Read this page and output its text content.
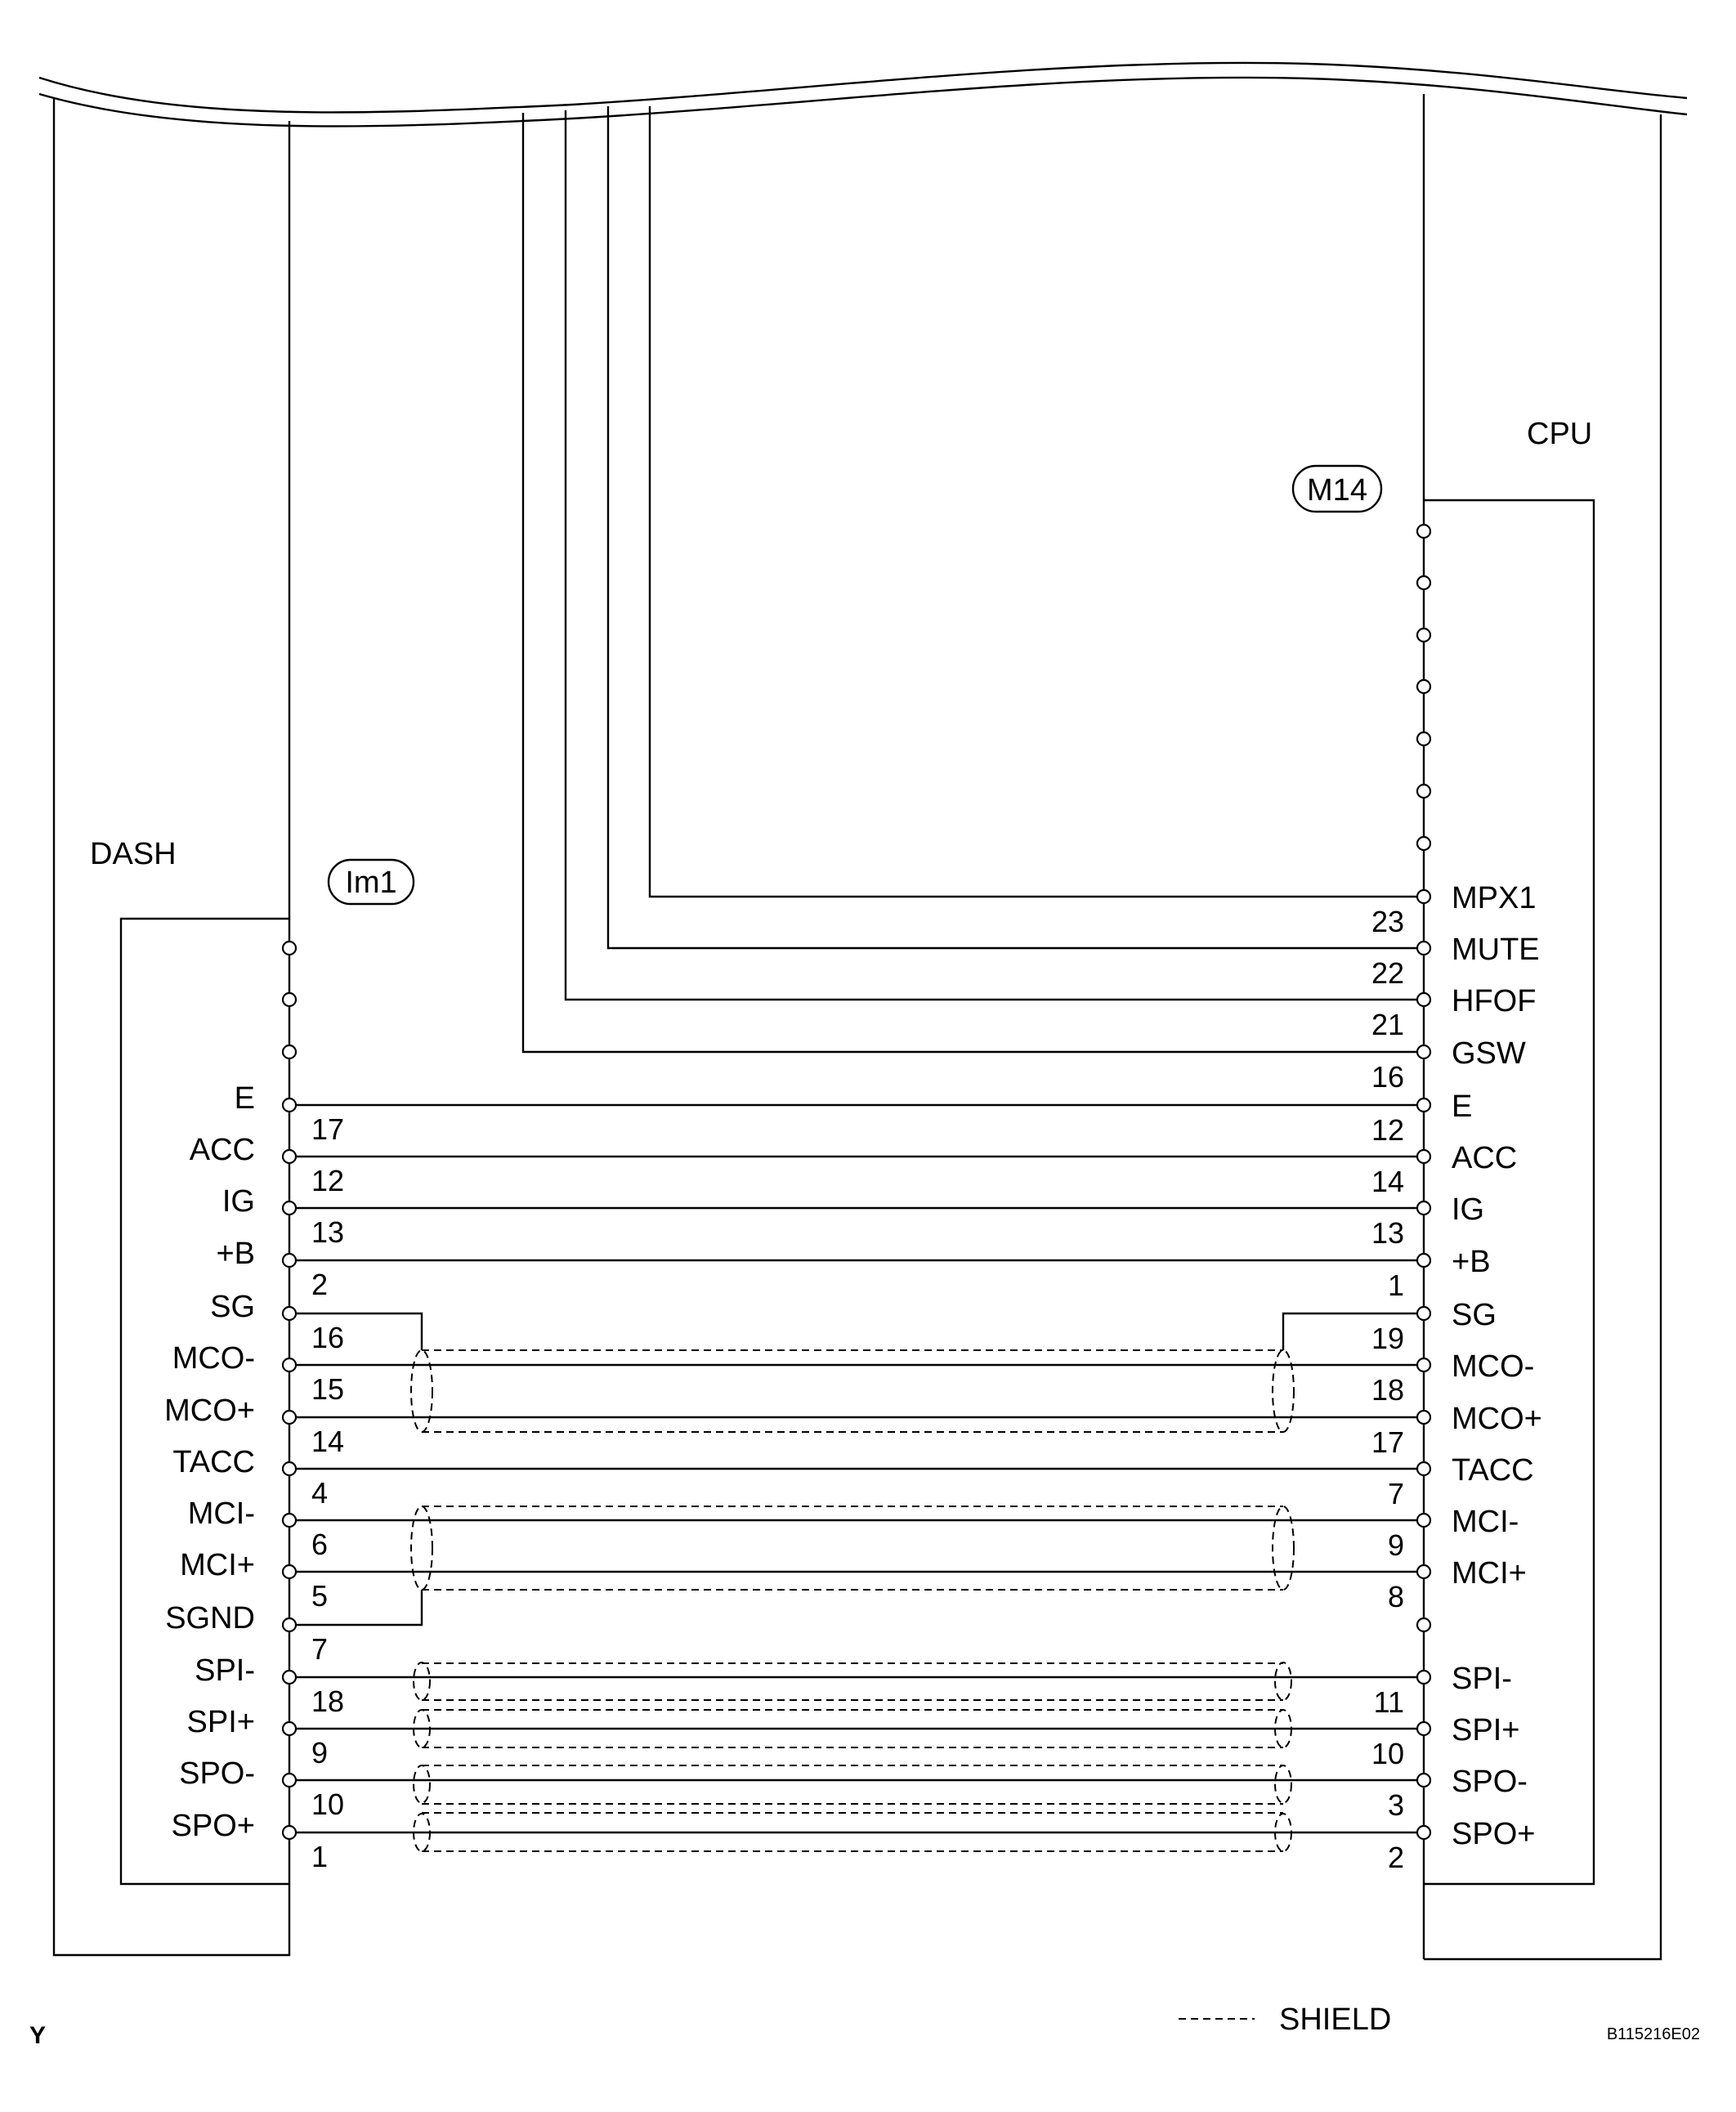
DASH
CPU
Im1
M14
E
17
ACC
12
IG
13
+B
2
SG
16
MCO-
15
MCO+
14
TACC
4
MCI-
6
MCI+
5
SGND
7
SPI-
18
SPI+
9
SPO-
10
SPO+
1
MPX1
23
MUTE
22
HFOF
21
GSW
16
E
12
ACC
14
IG
13
+B
1
SG
19
MCO-
18
MCO+
17
TACC
7
MCI-
9
MCI+
8
SPI-
11
SPI+
10
SPO-
3
SPO+
2
SHIELD
Y	B115216E02
